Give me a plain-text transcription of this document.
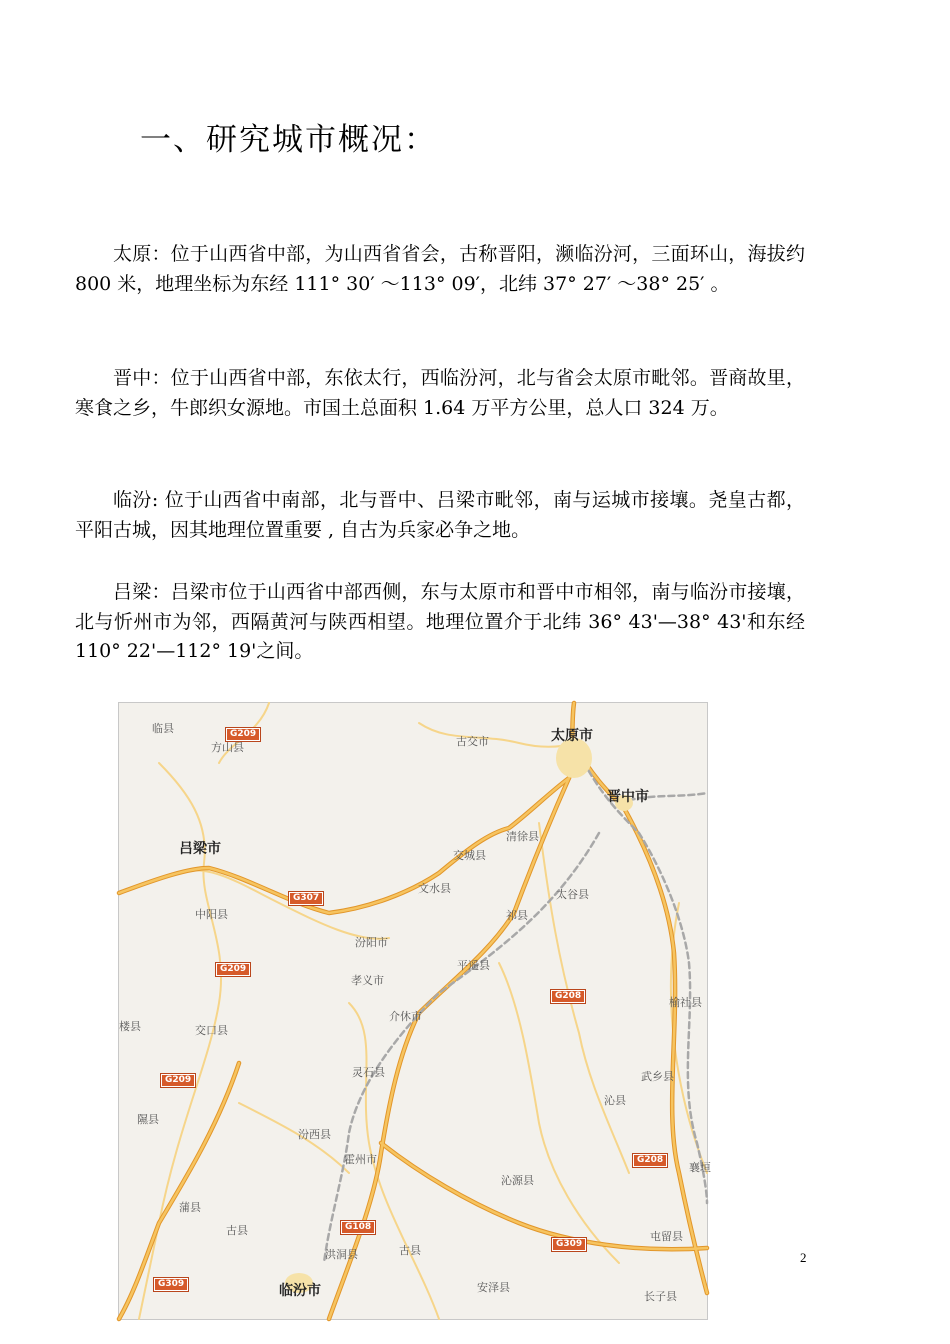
一、研究城市概况：

太原：位于山西省中部，为山西省省会，古称晋阳，濒临汾河，三面环山，海拔约 800 米，地理坐标为东经 111° 30′ ～113° 09′，北纬 37° 27′ ～38° 25′ 。

晋中：位于山西省中部，东依太行，西临汾河，北与省会太原市毗邻。晋商故里，寒食之乡，牛郎织女源地。市国土总面积 1.64 万平方公里，总人口 324 万。

临汾: 位于山西省中南部，北与晋中、吕梁市毗邻，南与运城市接壤。尧皇古都，平阳古城，因其地理位置重要 , 自古为兵家必争之地。

吕梁：吕梁市位于山西省中部西侧，东与太原市和晋中市相邻，南与临汾市接壤，北与忻州市为邻，西隔黄河与陕西相望。地理位置介于北纬 36° 43'—38° 43'和东经 110° 22'—112° 19'之间。

临县
方山县	古交市	太原市
晋中市
吕梁市
清徐县
交城县
文水县	太谷县
中阳县	祁县
汾阳市
平遥县
孝义市
榆社县
楼县	交口县
介休市
灵石县	武乡县
隰县
沁县
汾西县
霍州市
襄垣
沁源县
蒲县
古县
洪洞县	古县
屯留县
临汾市	安泽县
长子县
G209
G307
G209
G209
G208
G208
G108
G309
G309
2
